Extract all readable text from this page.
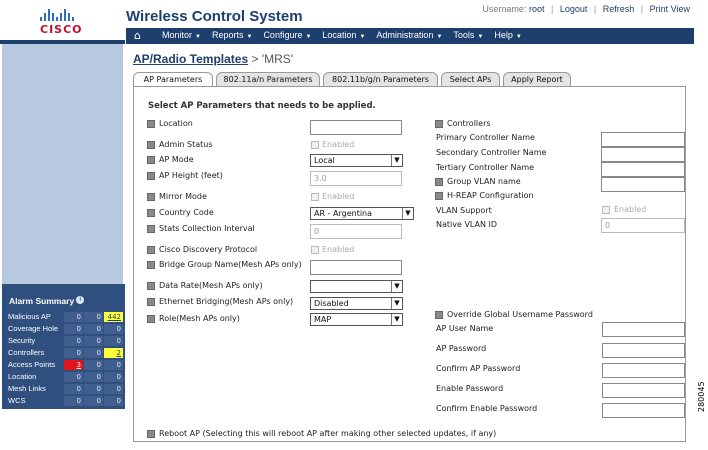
CISCO
Wireless Control System	Username: root | Logout | Refresh | Print View
⌂	Monitor ▼ Reports ▼ Configure ▼ Location ▼ Administration ▼ Tools ▼ Help ▼
Alarm Summary i
Malicious AP	0	0 442
Coverage Hole	0	0	0
Security	0	0	0
Controllers	0	0	2
Access Points	3	0	0
Location	0	0	0
Mesh Links	0	0	0
WCS	0	0	0
AP/Radio Templates > 'MRS'
AP Parameters	802.11a/n Parameters	802.11b/g/n Parameters	Select APs	Apply Report
Select AP Parameters that needs to be applied.
Location
Admin Status	Enabled
AP Mode	Local	▼
AP Height (feet)	3.0
Mirror Mode	Enabled
Country Code	AR - Argentina	▼
Stats Collection Interval	0
Cisco Discovery Protocol	Enabled
Bridge Group Name(Mesh APs only)
Data Rate(Mesh APs only)	▼
Ethernet Bridging(Mesh APs only)	Disabled	▼
Role(Mesh APs only)	MAP	▼
Controllers
Primary Controller Name
Secondary Controller Name
Tertiary Controller Name
Group VLAN name
H-REAP Configuration
VLAN Support	Enabled
Native VLAN ID	0
Override Global Username Password
AP User Name
AP Password
Confirm AP Password
Enable Password
Confirm Enable Password
Reboot AP (Selecting this will reboot AP after making other selected updates, if any)
280045
